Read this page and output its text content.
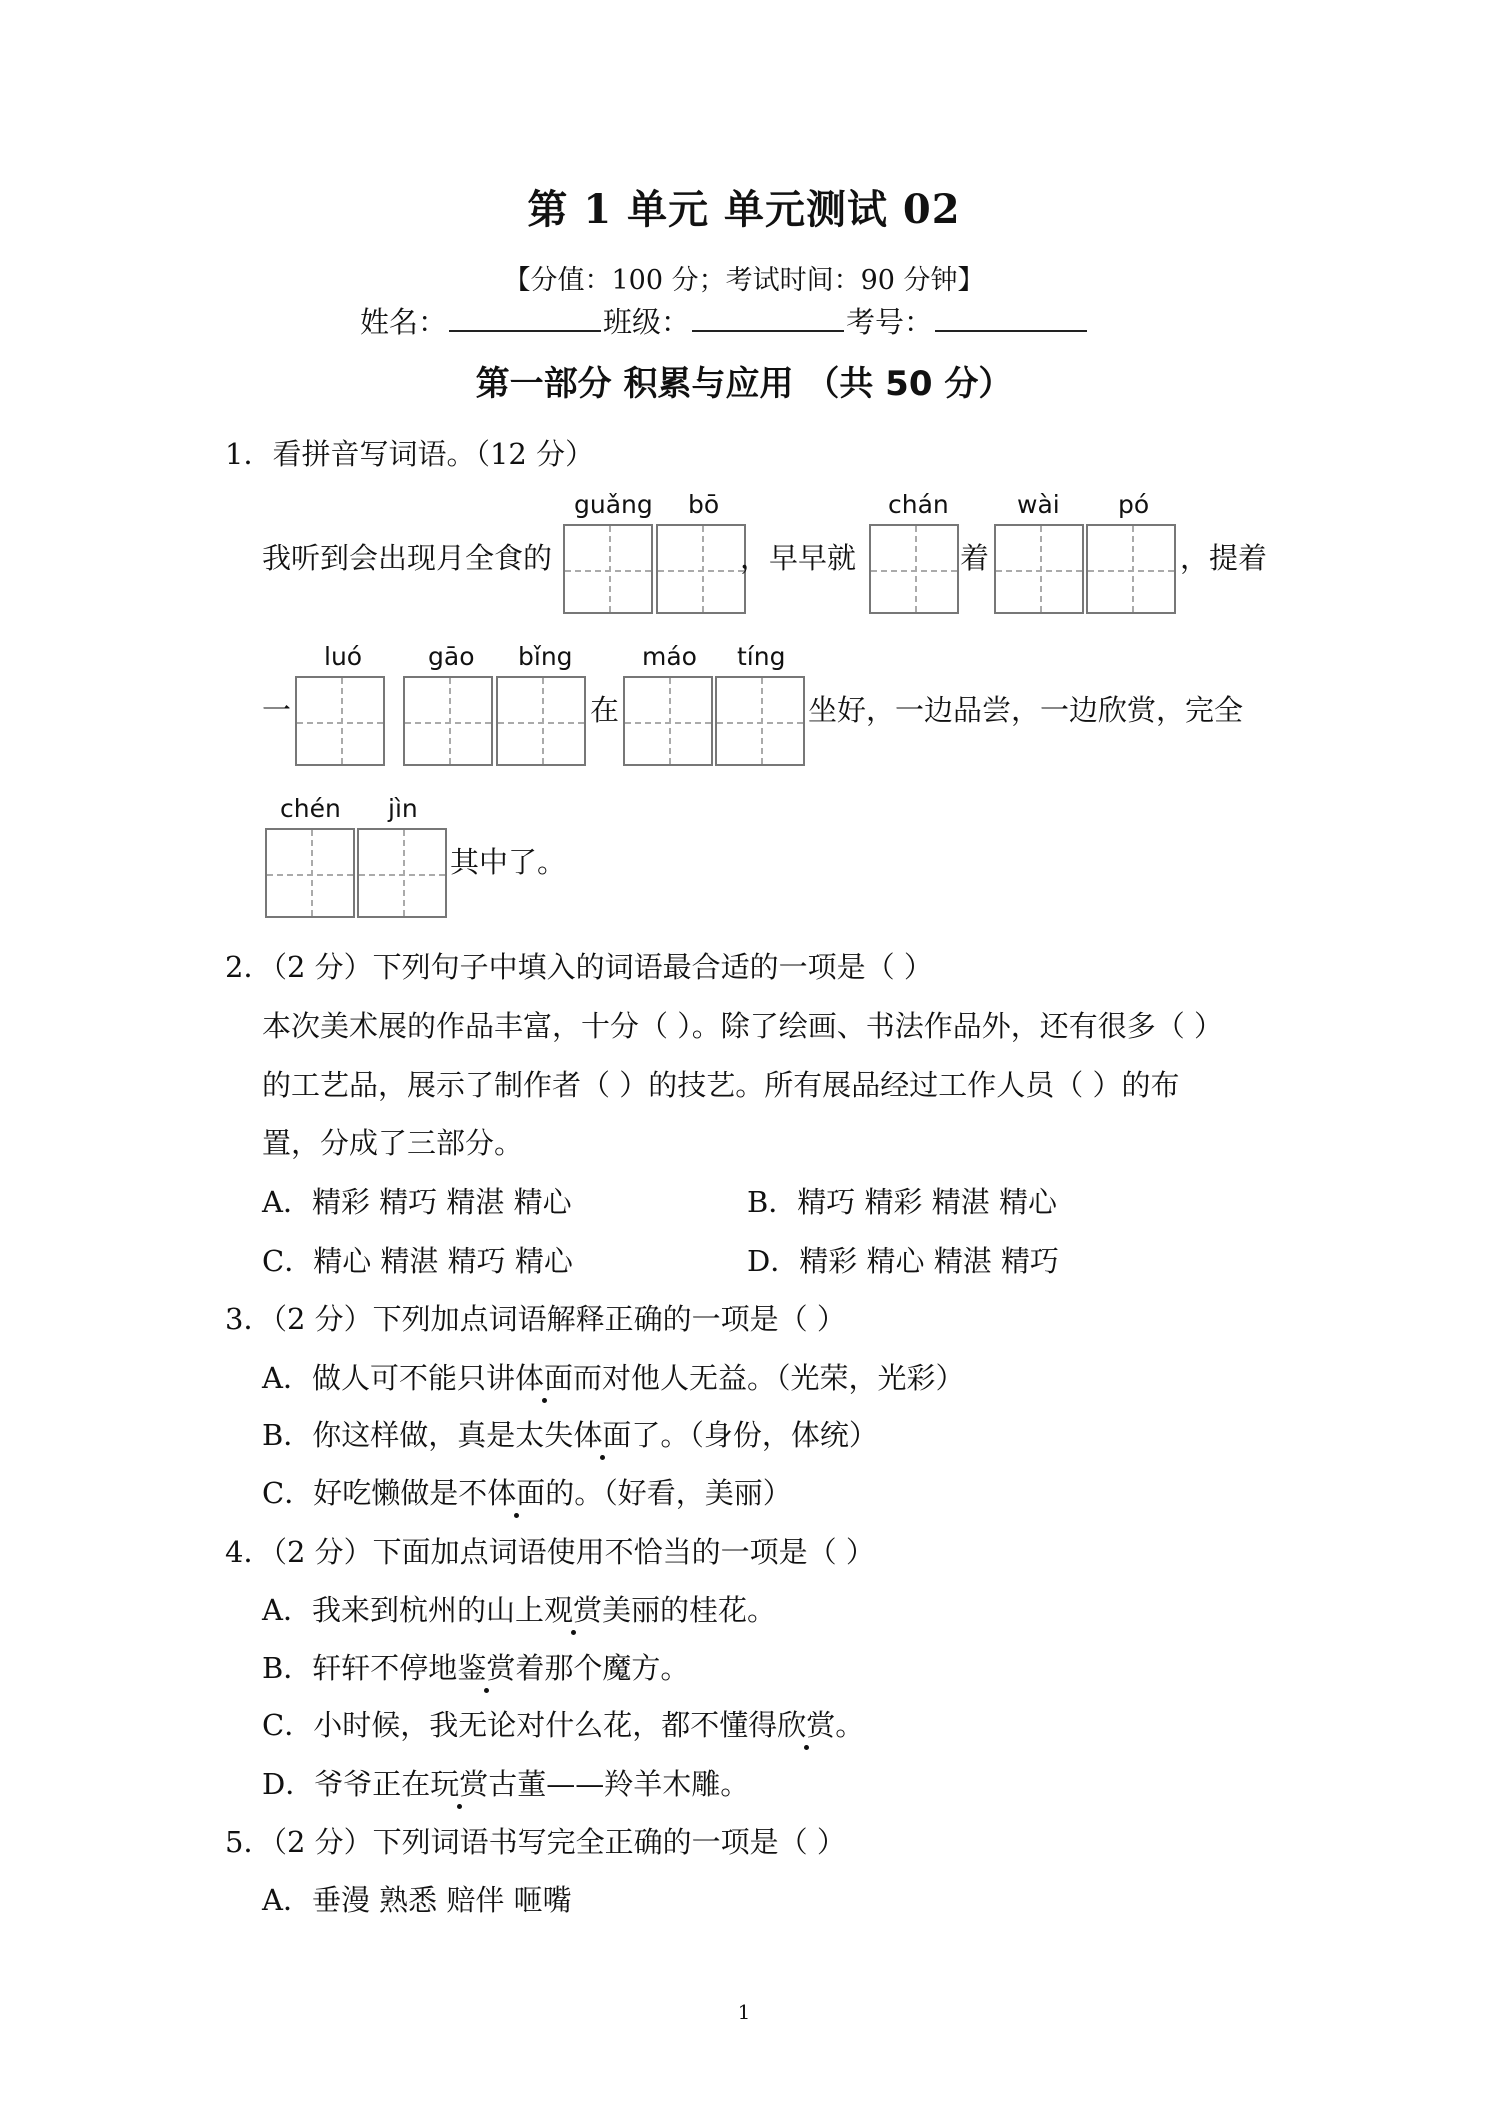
第 1 单元 单元测试 02
【分值：100 分；考试时间：90 分钟】
姓名：	班级：	考号：
第一部分 积累与应用 （共 50 分）
1．看拼音写词语。（12 分）
我听到会出现月全食的
guǎng bō
，早早就
chán
着
wài pó
，提着
一
luó	gāo bǐng
在
máo tíng
坐好，一边品尝，一边欣赏，完全
chén jìn
其中了。
2．（2 分）下列句子中填入的词语最合适的一项是（ ）
本次美术展的作品丰富，十分（ ）。除了绘画、书法作品外，还有很多（ ）
的工艺品，展示了制作者（ ）的技艺。所有展品经过工作人员（ ）的布
置，分成了三部分。
A．精彩 精巧 精湛 精心	B．精巧 精彩 精湛 精心
C．精心 精湛 精巧 精心	D．精彩 精心 精湛 精巧
3．（2 分）下列加点词语解释正确的一项是（ ）
A．做人可不能只讲体面而对他人无益。（光荣，光彩）
B．你这样做，真是太失体面了。（身份，体统）
C．好吃懒做是不体面的。（好看，美丽）
4．（2 分）下面加点词语使用不恰当的一项是（ ）
A．我来到杭州的山上观赏美丽的桂花。
B．轩轩不停地鉴赏着那个魔方。
C．小时候，我无论对什么花，都不懂得欣赏。
D．爷爷正在玩赏古董——羚羊木雕。
5．（2 分）下列词语书写完全正确的一项是（ ）
A．垂漫 熟悉 赔伴 咂嘴
1
